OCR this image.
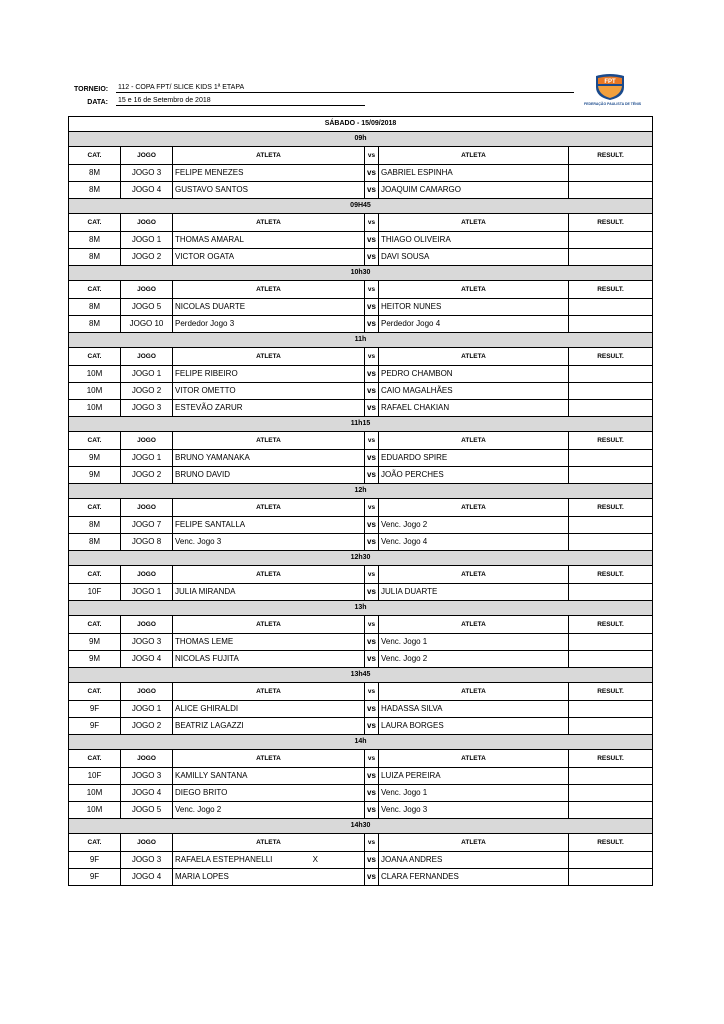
TORNEIO:	112 - COPA FPT/ SLICE KIDS 1ª ETAPA
DATA:	15 e 16 de Setembro de 2018
FPT
FEDERAÇÃO PAULISTA DE TÊNIS
SÁBADO - 15/09/2018					
09h					
CAT.	JOGO	ATLETA	vs	ATLETA	RESULT.
8M	JOGO 3	FELIPE MENEZES	vs	GABRIEL ESPINHA	
8M	JOGO 4	GUSTAVO SANTOS	vs	JOAQUIM CAMARGO	
09H45					
CAT.	JOGO	ATLETA	vs	ATLETA	RESULT.
8M	JOGO 1	THOMAS AMARAL	vs	THIAGO OLIVEIRA	
8M	JOGO 2	VICTOR OGATA	vs	DAVI SOUSA	
10h30					
CAT.	JOGO	ATLETA	vs	ATLETA	RESULT.
8M	JOGO 5	NICOLAS DUARTE	vs	HEITOR NUNES	
8M	JOGO 10	Perdedor Jogo 3	vs	Perdedor Jogo 4	
11h					
CAT.	JOGO	ATLETA	vs	ATLETA	RESULT.
10M	JOGO 1	FELIPE RIBEIRO	vs	PEDRO CHAMBON	
10M	JOGO 2	VITOR OMETTO	vs	CAIO MAGALHÃES	
10M	JOGO 3	ESTEVÃO ZARUR	vs	RAFAEL CHAKIAN	
11h15					
CAT.	JOGO	ATLETA	vs	ATLETA	RESULT.
9M	JOGO 1	BRUNO YAMANAKA	vs	EDUARDO SPIRE	
9M	JOGO 2	BRUNO DAVID	vs	JOÃO PERCHES	
12h					
CAT.	JOGO	ATLETA	vs	ATLETA	RESULT.
8M	JOGO 7	FELIPE SANTALLA	vs	Venc. Jogo 2	
8M	JOGO 8	Venc. Jogo 3	vs	Venc. Jogo 4	
12h30					
CAT.	JOGO	ATLETA	vs	ATLETA	RESULT.
10F	JOGO 1	JULIA MIRANDA	vs	JULIA DUARTE	
13h					
CAT.	JOGO	ATLETA	vs	ATLETA	RESULT.
9M	JOGO 3	THOMAS LEME	vs	Venc. Jogo 1	
9M	JOGO 4	NICOLAS FUJITA	vs	Venc. Jogo 2	
13h45					
CAT.	JOGO	ATLETA	vs	ATLETA	RESULT.
9F	JOGO 1	ALICE GHIRALDI	vs	HADASSA SILVA	
9F	JOGO 2	BEATRIZ LAGAZZI	vs	LAURA BORGES	
14h					
CAT.	JOGO	ATLETA	vs	ATLETA	RESULT.
10F	JOGO 3	KAMILLY SANTANA	vs	LUIZA PEREIRA	
10M	JOGO 4	DIEGO BRITO	vs	Venc. Jogo 1	
10M	JOGO 5	Venc. Jogo 2	vs	Venc. Jogo 3	
14h30					
CAT.	JOGO	ATLETA	vs	ATLETA	RESULT.
9F	JOGO 3	RAFAELA ESTEPHANELLI X	vs	JOANA ANDRES	
9F	JOGO 4	MARIA LOPES	vs	CLARA FERNANDES	
